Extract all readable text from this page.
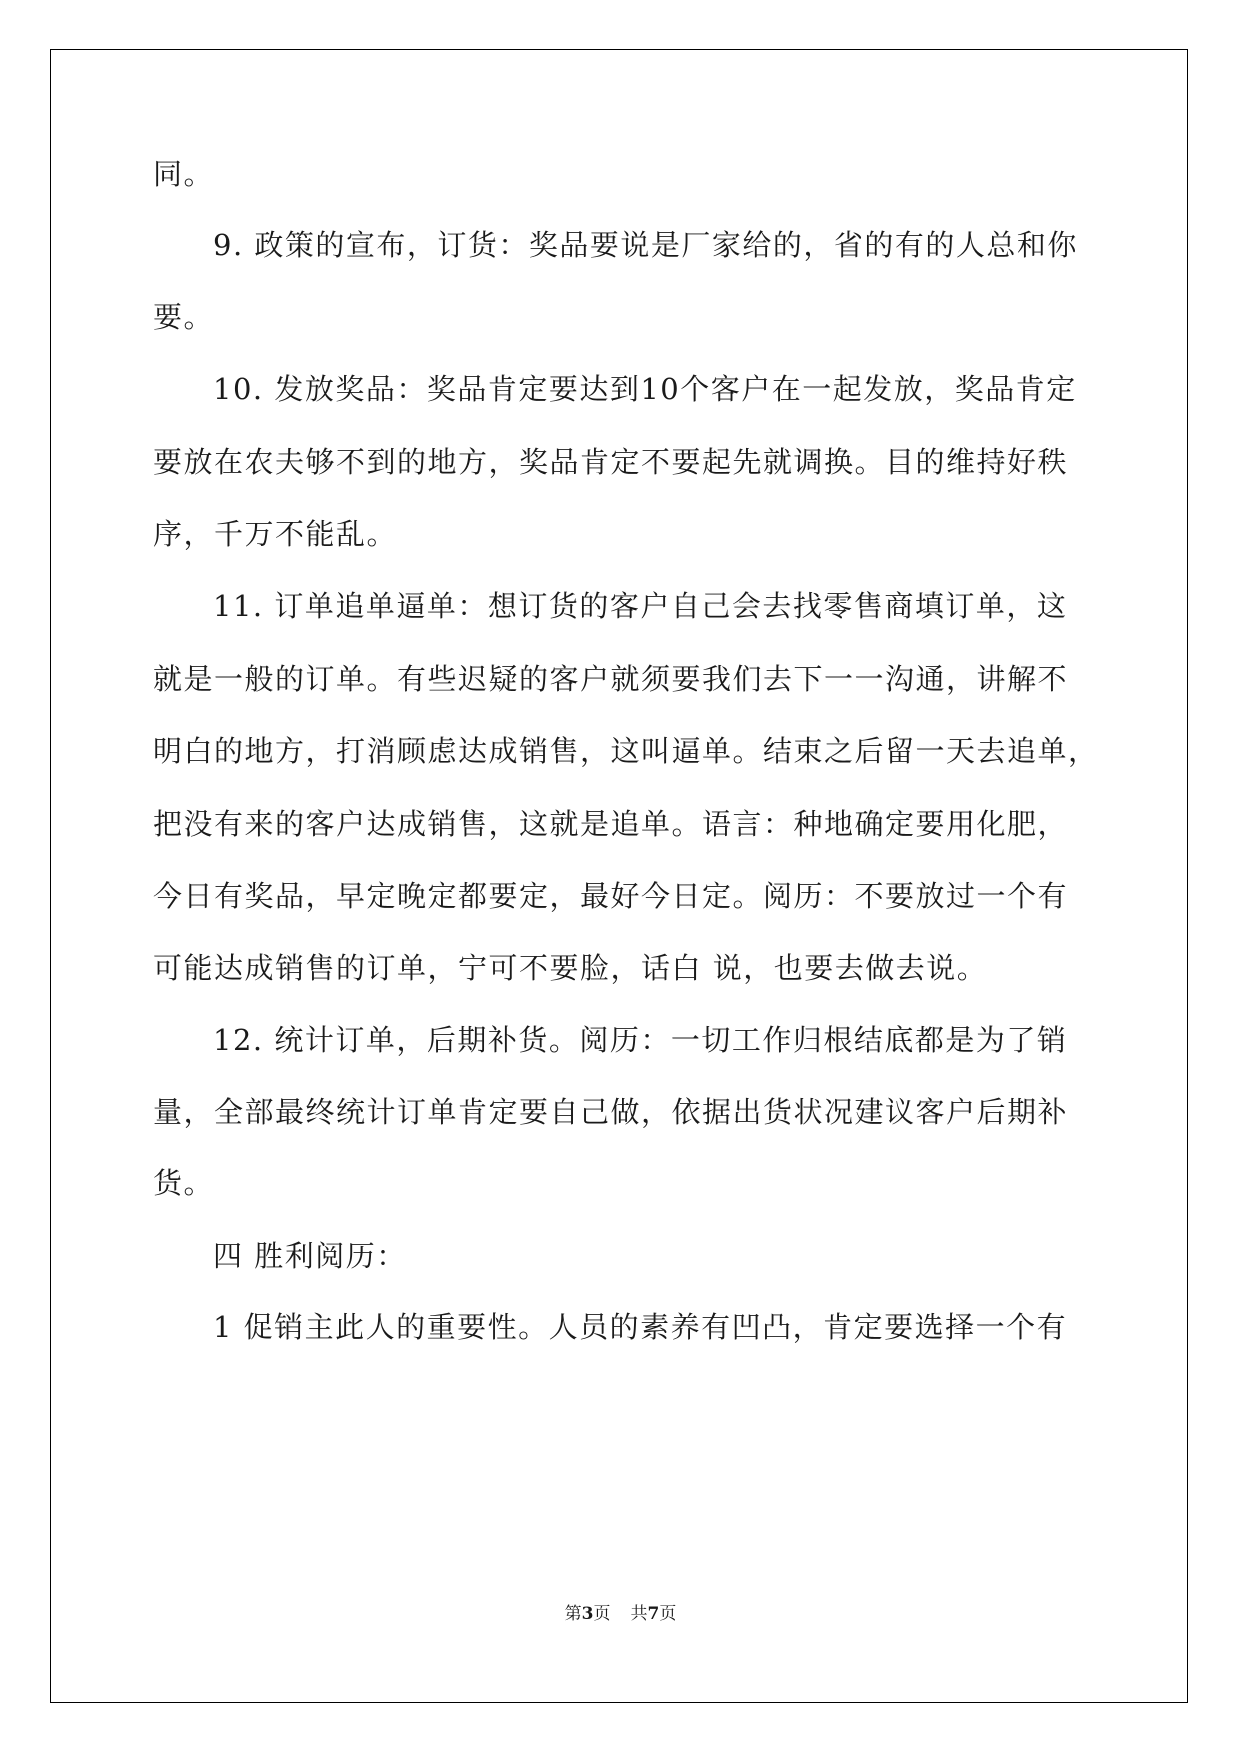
同。
9. 政策的宣布，订货：奖品要说是厂家给的，省的有的人总和你
要。
10. 发放奖品：奖品肯定要达到10个客户在一起发放，奖品肯定
要放在农夫够不到的地方，奖品肯定不要起先就调换。目的维持好秩
序，千万不能乱。
11. 订单追单逼单：想订货的客户自己会去找零售商填订单，这
就是一般的订单。有些迟疑的客户就须要我们去下一一沟通，讲解不
明白的地方，打消顾虑达成销售，这叫逼单。结束之后留一天去追单，
把没有来的客户达成销售，这就是追单。语言：种地确定要用化肥，
今日有奖品，早定晚定都要定，最好今日定。阅历：不要放过一个有
可能达成销售的订单，宁可不要脸，话白 说，也要去做去说。
12. 统计订单，后期补货。阅历：一切工作归根结底都是为了销
量，全部最终统计订单肯定要自己做，依据出货状况建议客户后期补
货。
四 胜利阅历：
1 促销主此人的重要性。人员的素养有凹凸，肯定要选择一个有
第3页 共7页
